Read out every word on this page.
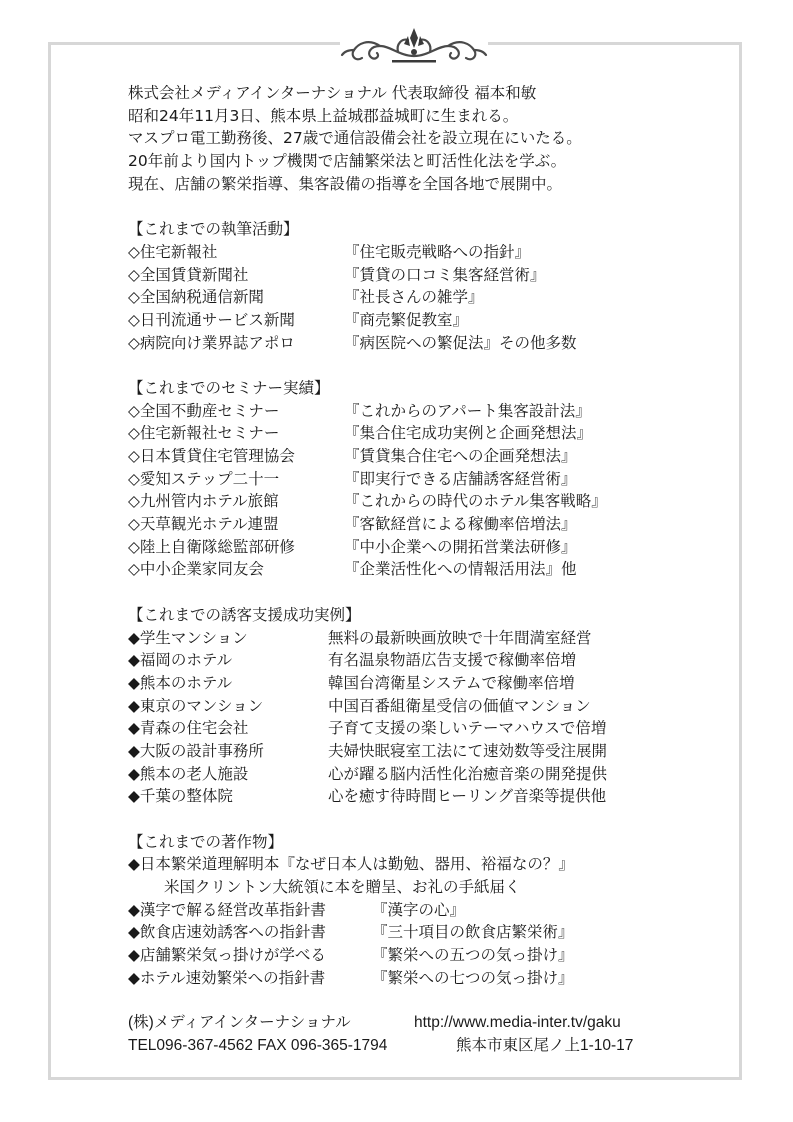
株式会社メディアインターナショナル 代表取締役 福本和敏
昭和24年11月3日、熊本県上益城郡益城町に生まれる。
マスプロ電工勤務後、27歳で通信設備会社を設立現在にいたる。
20年前より国内トップ機関で店舗繁栄法と町活性化法を学ぶ。
現在、店舗の繁栄指導、集客設備の指導を全国各地で展開中。
【これまでの執筆活動】
◇住宅新報社	『住宅販売戦略への指針』
◇全国賃貸新聞社	『賃貸の口コミ集客経営術』
◇全国納税通信新聞	『社長さんの雑学』
◇日刊流通サービス新聞	『商売繁促教室』
◇病院向け業界誌アポロ	『病医院への繁促法』その他多数
【これまでのセミナー実績】
◇全国不動産セミナー	『これからのアパート集客設計法』
◇住宅新報社セミナー	『集合住宅成功実例と企画発想法』
◇日本賃貸住宅管理協会	『賃貸集合住宅への企画発想法』
◇愛知ステップ二十一	『即実行できる店舗誘客経営術』
◇九州管内ホテル旅館	『これからの時代のホテル集客戦略』
◇天草観光ホテル連盟	『客歓経営による稼働率倍増法』
◇陸上自衛隊総監部研修	『中小企業への開拓営業法研修』
◇中小企業家同友会	『企業活性化への情報活用法』他
【これまでの誘客支援成功実例】
◆学生マンション	無料の最新映画放映で十年間満室経営
◆福岡のホテル	有名温泉物語広告支援で稼働率倍増
◆熊本のホテル	韓国台湾衛星システムで稼働率倍増
◆東京のマンション	中国百番組衛星受信の価値マンション
◆青森の住宅会社	子育て支援の楽しいテーマハウスで倍増
◆大阪の設計事務所	夫婦快眠寝室工法にて速効数等受注展開
◆熊本の老人施設	心が躍る脳内活性化治癒音楽の開発提供
◆千葉の整体院	心を癒す待時間ヒーリング音楽等提供他
【これまでの著作物】
◆日本繁栄道理解明本『なぜ日本人は勤勉、器用、裕福なの？』
米国クリントン大統領に本を贈呈、お礼の手紙届く
◆漢字で解る経営改革指針書	『漢字の心』
◆飲食店速効誘客への指針書	『三十項目の飲食店繁栄術』
◆店舗繁栄気っ掛けが学べる	『繁栄への五つの気っ掛け』
◆ホテル速効繁栄への指針書	『繁栄への七つの気っ掛け』
(株)メディアインターナショナル	http://www.media-inter.tv/gaku
TEL096-367-4562 FAX 096-365-1794	熊本市東区尾ノ上1-10-17
